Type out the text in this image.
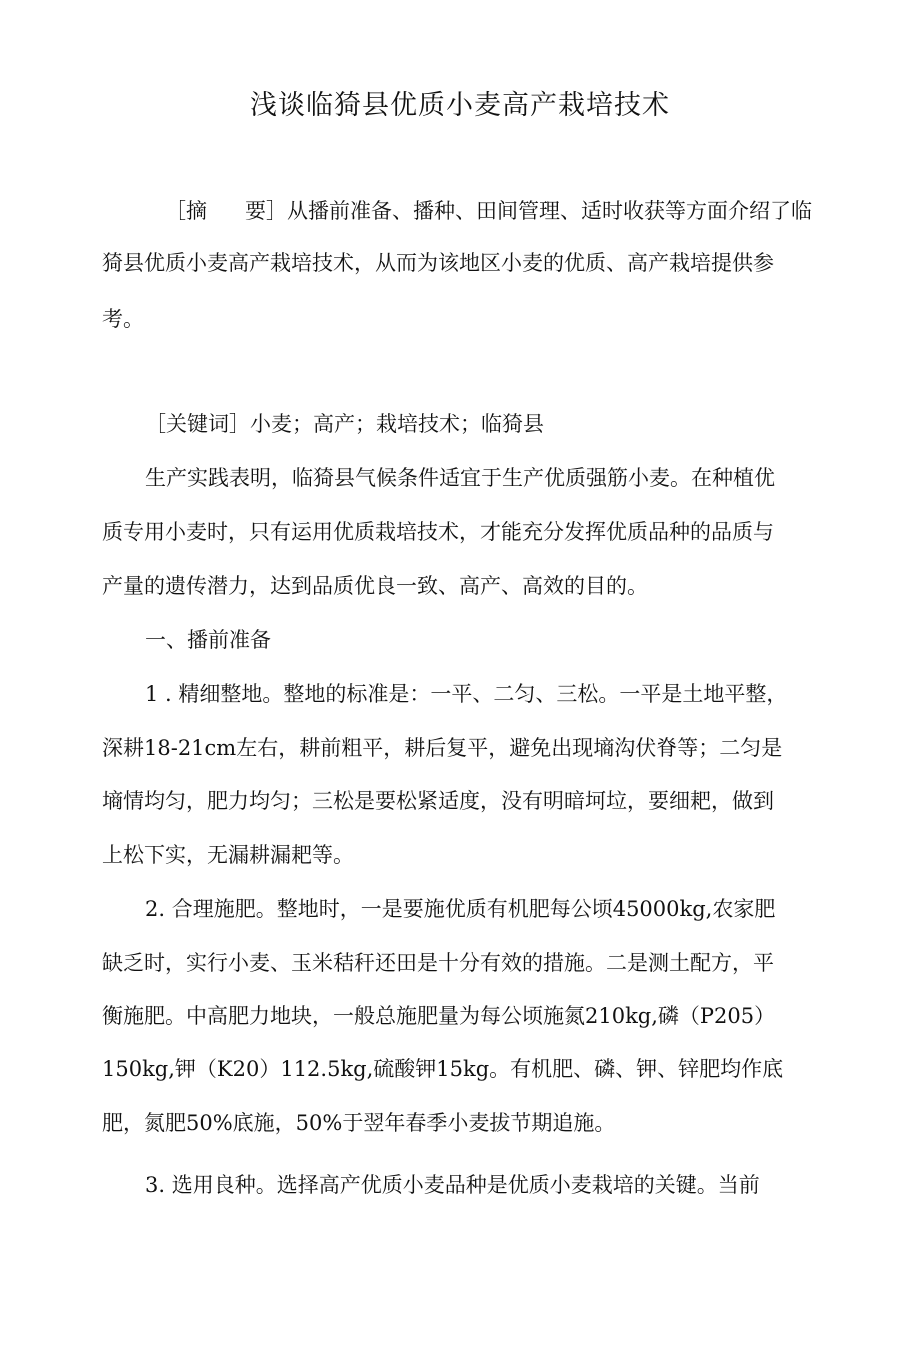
浅谈临猗县优质小麦高产栽培技术
［摘 要］从播前准备、播种、田间管理、适时收获等方面介绍了临
猗县优质小麦高产栽培技术，从而为该地区小麦的优质、高产栽培提供参
考。
［关键词］小麦；高产；栽培技术；临猗县
生产实践表明，临猗县气候条件适宜于生产优质强筋小麦。在种植优
质专用小麦时，只有运用优质栽培技术，才能充分发挥优质品种的品质与
产量的遗传潜力，达到品质优良一致、高产、高效的目的。
一、播前准备
1 . 精细整地。整地的标准是：一平、二匀、三松。一平是土地平整，
深耕18-21cm左右，耕前粗平，耕后复平，避免出现墒沟伏脊等；二匀是
墒情均匀，肥力均匀；三松是要松紧适度，没有明暗坷垃，要细耙，做到
上松下实，无漏耕漏耙等。
2. 合理施肥。整地时，一是要施优质有机肥每公顷45000kg,农家肥
缺乏时，实行小麦、玉米秸秆还田是十分有效的措施。二是测土配方，平
衡施肥。中高肥力地块，一般总施肥量为每公顷施氮210kg,磷（P205）
150kg,钾（K20）112.5kg,硫酸钾15kg。有机肥、磷、钾、锌肥均作底
肥，氮肥50%底施，50%于翌年春季小麦拔节期追施。
3. 选用良种。选择高产优质小麦品种是优质小麦栽培的关键。当前
